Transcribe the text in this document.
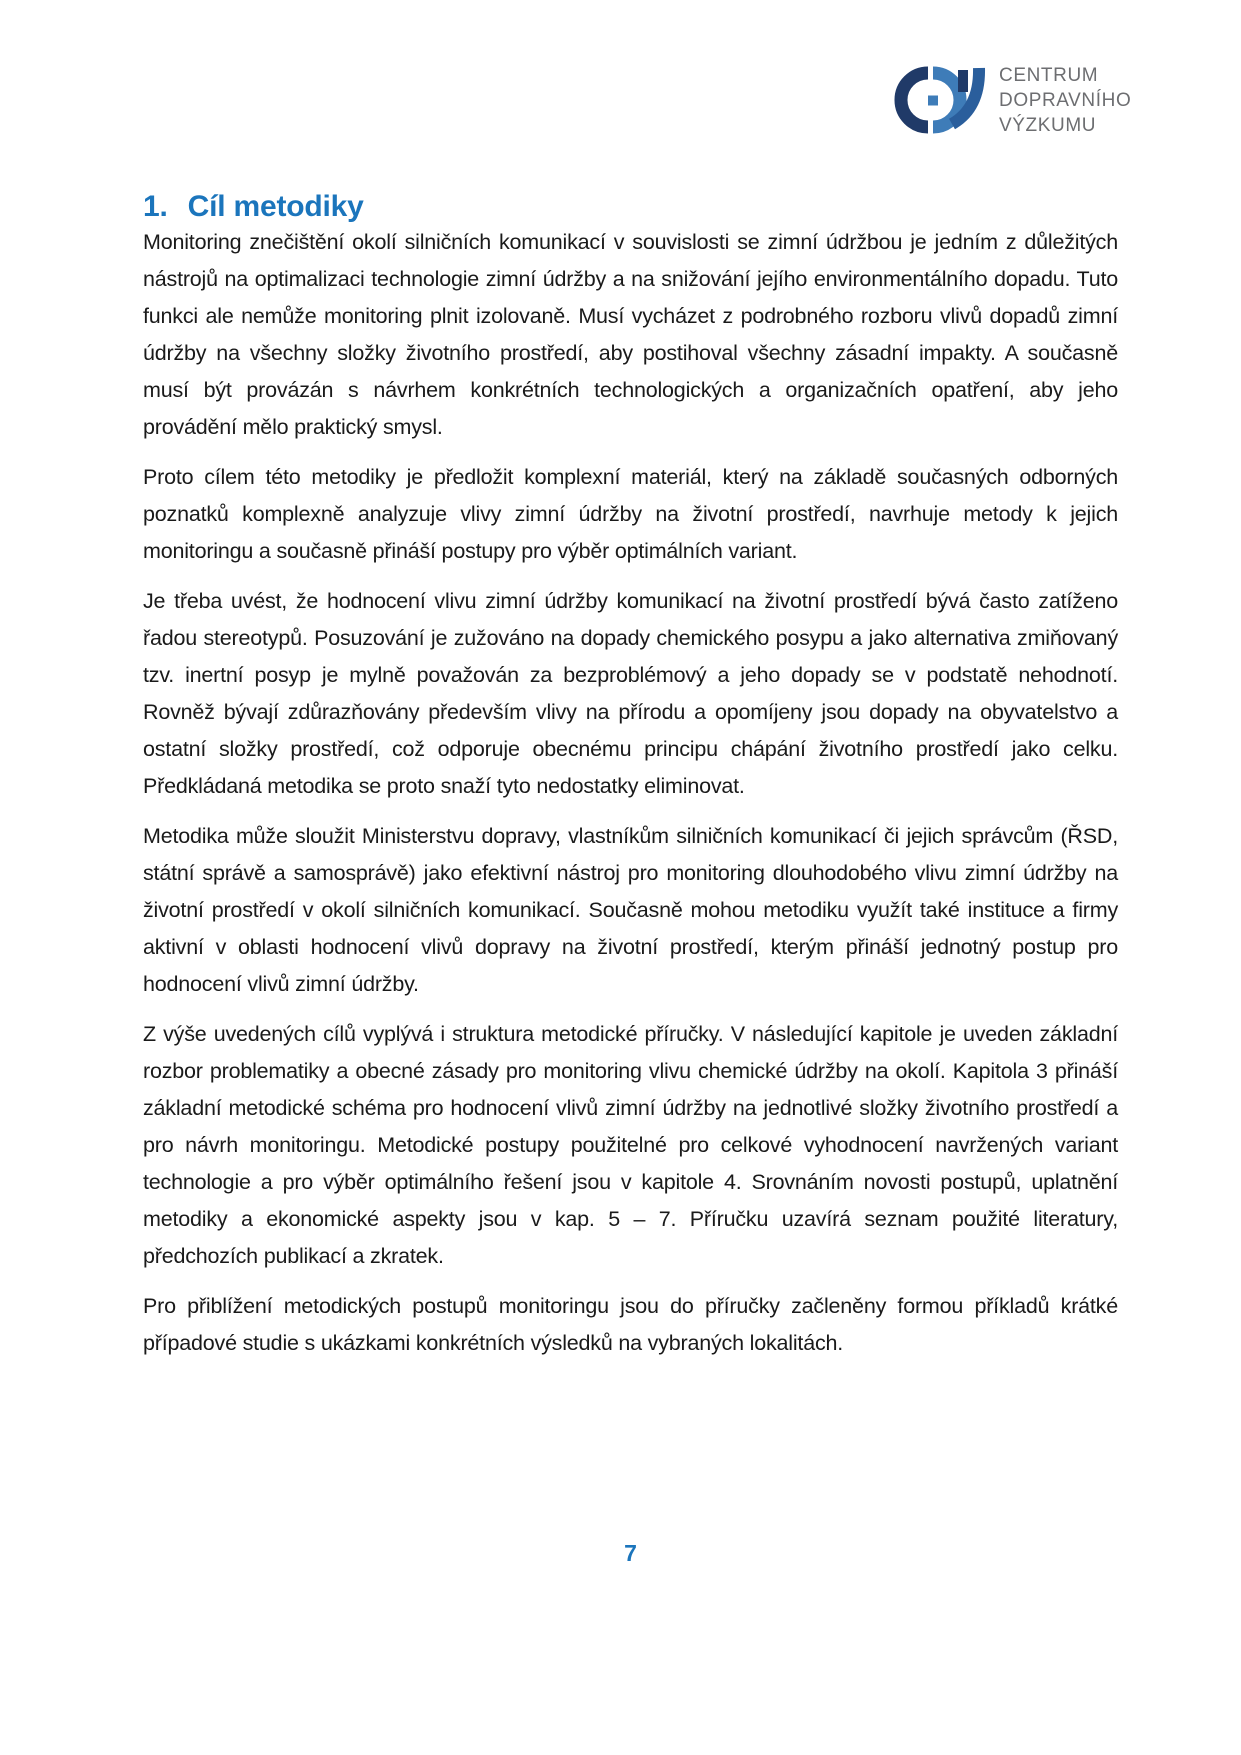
CENTRUM
DOPRAVNÍHO
VÝZKUMU
1. Cíl metodiky

Monitoring znečištění okolí silničních komunikací v souvislosti se zimní údržbou je jedním z důležitých nástrojů na optimalizaci technologie zimní údržby a na snižování jejího environmentálního dopadu. Tuto funkci ale nemůže monitoring plnit izolovaně. Musí vycházet z podrobného rozboru vlivů dopadů zimní údržby na všechny složky životního prostředí, aby postihoval všechny zásadní impakty. A současně musí být provázán s návrhem konkrétních technologických a organizačních opatření, aby jeho provádění mělo praktický smysl.

Proto cílem této metodiky je předložit komplexní materiál, který na základě současných odborných poznatků komplexně analyzuje vlivy zimní údržby na životní prostředí, navrhuje metody k jejich monitoringu a současně přináší postupy pro výběr optimálních variant.

Je třeba uvést, že hodnocení vlivu zimní údržby komunikací na životní prostředí bývá často zatíženo řadou stereotypů. Posuzování je zužováno na dopady chemického posypu a jako alternativa zmiňovaný tzv. inertní posyp je mylně považován za bezproblémový a jeho dopady se v podstatě nehodnotí. Rovněž bývají zdůrazňovány především vlivy na přírodu a opomíjeny jsou dopady na obyvatelstvo a ostatní složky prostředí, což odporuje obecnému principu chápání životního prostředí jako celku. Předkládaná metodika se proto snaží tyto nedostatky eliminovat.

Metodika může sloužit Ministerstvu dopravy, vlastníkům silničních komunikací či jejich správcům (ŘSD, státní správě a samosprávě) jako efektivní nástroj pro monitoring dlouhodobého vlivu zimní údržby na životní prostředí v okolí silničních komunikací. Současně mohou metodiku využít také instituce a firmy aktivní v oblasti hodnocení vlivů dopravy na životní prostředí, kterým přináší jednotný postup pro hodnocení vlivů zimní údržby.

Z výše uvedených cílů vyplývá i struktura metodické příručky. V následující kapitole je uveden základní rozbor problematiky a obecné zásady pro monitoring vlivu chemické údržby na okolí. Kapitola 3 přináší základní metodické schéma pro hodnocení vlivů zimní údržby na jednotlivé složky životního prostředí a pro návrh monitoringu. Metodické postupy použitelné pro celkové vyhodnocení navržených variant technologie a pro výběr optimálního řešení jsou v kapitole 4. Srovnáním novosti postupů, uplatnění metodiky a ekonomické aspekty jsou v kap. 5 – 7. Příručku uzavírá seznam použité literatury, předchozích publikací a zkratek.

Pro přiblížení metodických postupů monitoringu jsou do příručky začleněny formou příkladů krátké případové studie s ukázkami konkrétních výsledků na vybraných lokalitách.

7
